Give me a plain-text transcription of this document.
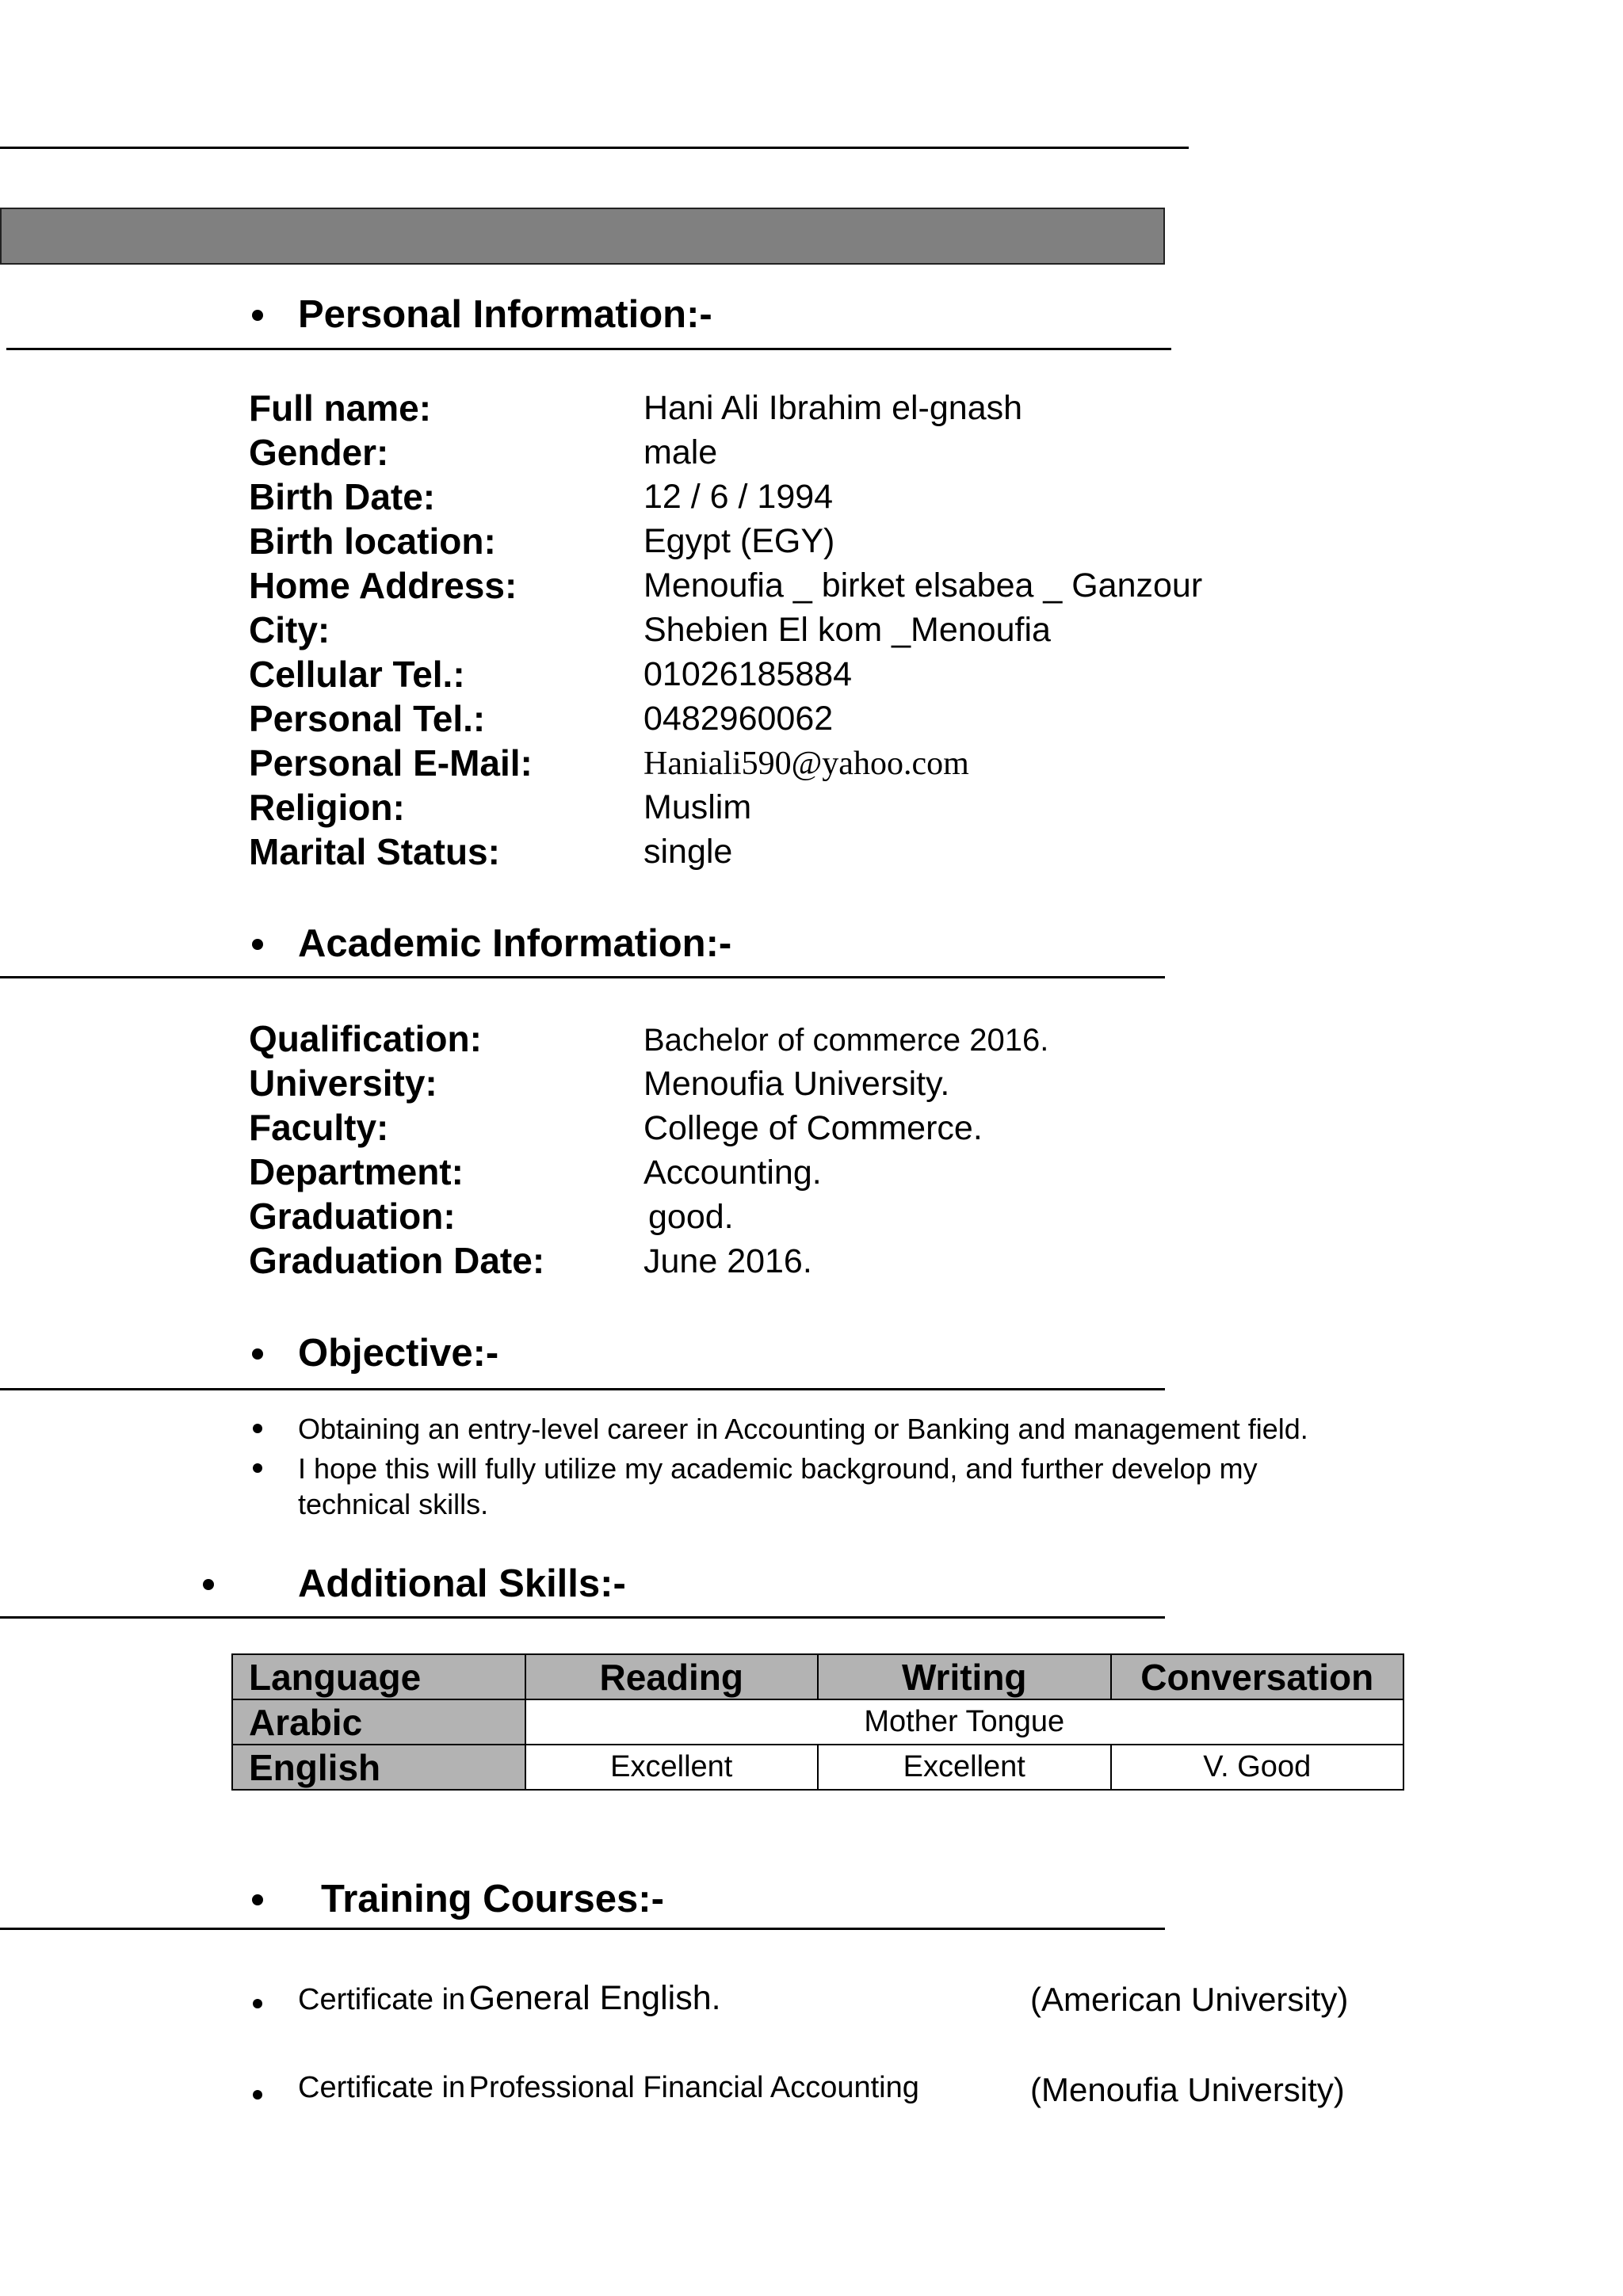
Personal Information:-
Full name:	Hani Ali Ibrahim el-gnash
Gender:	male
Birth Date:	12 / 6 / 1994
Birth location:	Egypt (EGY)
Home Address:	Menoufia _ birket elsabea _ Ganzour
City:	Shebien El kom _Menoufia
Cellular Tel.:	01026185884
Personal Tel.:	0482960062
Personal E-Mail:	Haniali590@yahoo.com
Religion:	Muslim
Marital Status:	single
Academic Information:-
Qualification:	Bachelor of commerce 2016.
University:	Menoufia University.
Faculty:	College of Commerce.
Department:	Accounting.
Graduation:	good.
Graduation Date:	June 2016.
Objective:-
Obtaining an entry-level career in Accounting or Banking and management field.
I hope this will fully utilize my academic background, and further develop my
technical skills.
Additional Skills:-
Language	Reading	Writing	Conversation
Arabic	Mother Tongue		
English	Excellent	Excellent	V. Good
Training Courses:-
Certificate in General English.	(American University)
Certificate in Professional Financial Accounting	(Menoufia University)
